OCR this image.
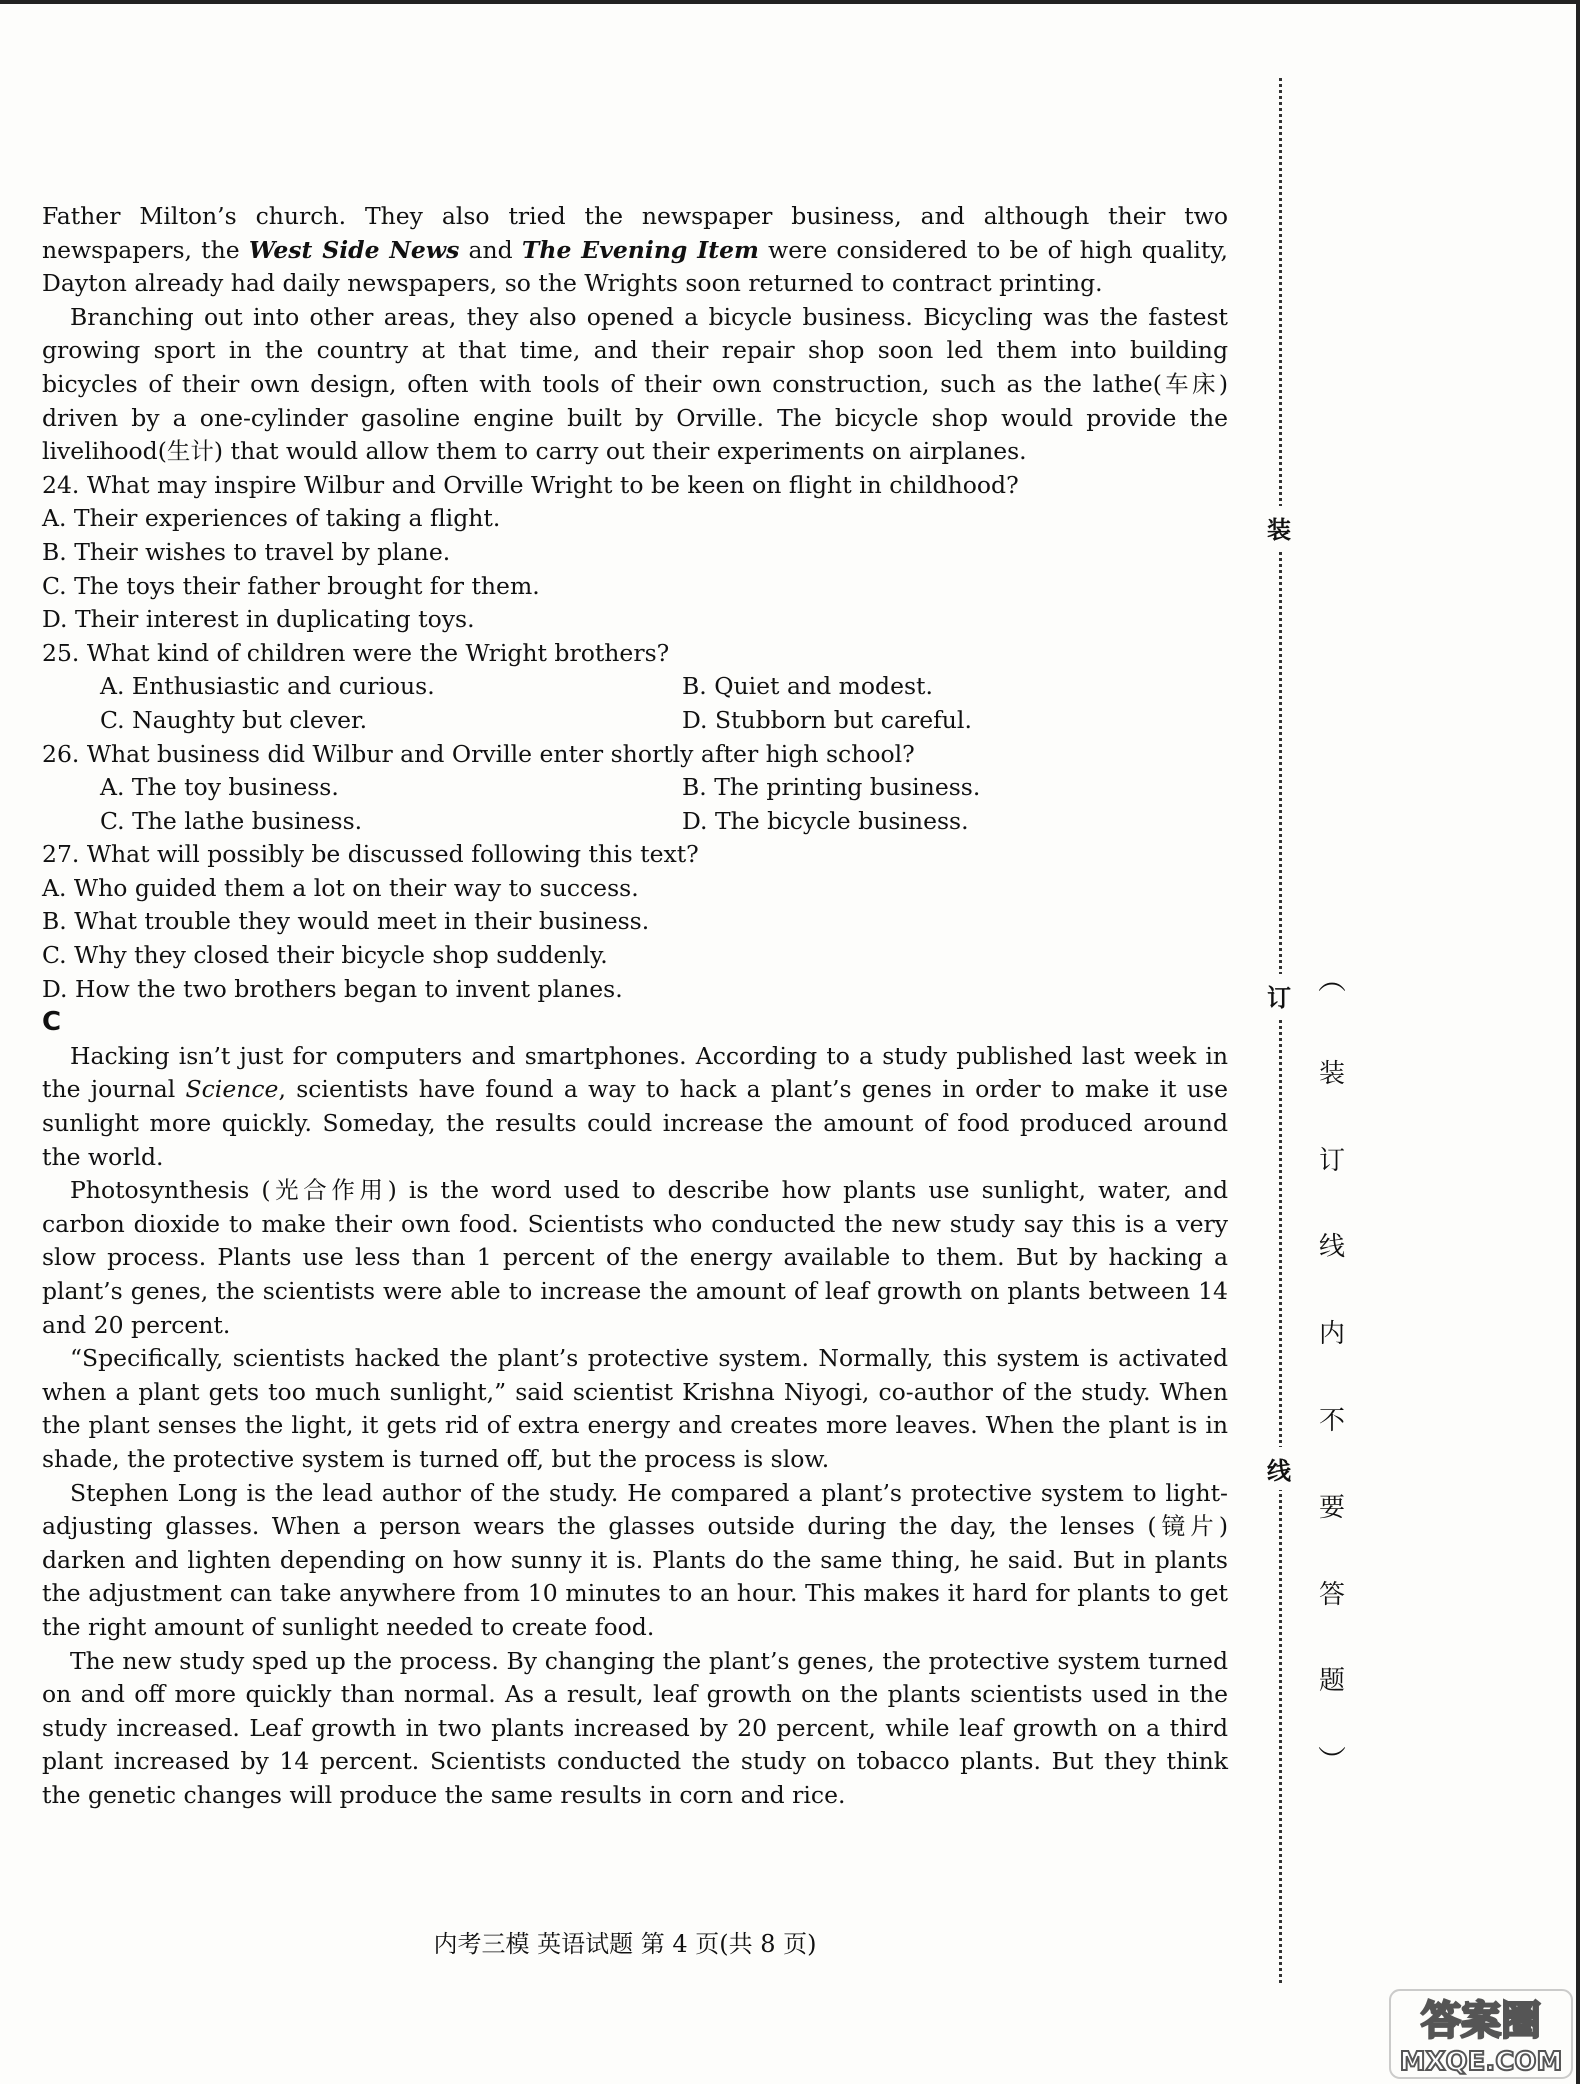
Father Milton’s church. They also tried the newspaper business, and although their two newspapers, the West Side News and The Evening Item were considered to be of high quality, Dayton already had daily newspapers, so the Wrights soon returned to contract printing.

Branching out into other areas, they also opened a bicycle business. Bicycling was the fastest growing sport in the country at that time, and their repair shop soon led them into building bicycles of their own design, often with tools of their own construction, such as the lathe(车床) driven by a one-cylinder gasoline engine built by Orville. The bicycle shop would provide the livelihood(生计) that would allow them to carry out their experiments on airplanes.

24. What may inspire Wilbur and Orville Wright to be keen on flight in childhood?

A. Their experiences of taking a flight.

B. Their wishes to travel by plane.

C. The toys their father brought for them.

D. Their interest in duplicating toys.

25. What kind of children were the Wright brothers?

A. Enthusiastic and curious.	B. Quiet and modest.
C. Naughty but clever.	D. Stubborn but careful.

26. What business did Wilbur and Orville enter shortly after high school?

A. The toy business.	B. The printing business.
C. The lathe business.	D. The bicycle business.

27. What will possibly be discussed following this text?

A. Who guided them a lot on their way to success.

B. What trouble they would meet in their business.

C. Why they closed their bicycle shop suddenly.

D. How the two brothers began to invent planes.

C

Hacking isn’t just for computers and smartphones. According to a study published last week in the journal Science, scientists have found a way to hack a plant’s genes in order to make it use sunlight more quickly. Someday, the results could increase the amount of food produced around the world.

Photosynthesis (光合作用) is the word used to describe how plants use sunlight, water, and carbon dioxide to make their own food. Scientists who conducted the new study say this is a very slow process. Plants use less than 1 percent of the energy available to them. But by hacking a plant’s genes, the scientists were able to increase the amount of leaf growth on plants between 14 and 20 percent.

“Specifically, scientists hacked the plant’s protective system. Normally, this system is activated when a plant gets too much sunlight,” said scientist Krishna Niyogi, co-author of the study. When the plant senses the light, it gets rid of extra energy and creates more leaves. When the plant is in shade, the protective system is turned off, but the process is slow.

Stephen Long is the lead author of the study. He compared a plant’s protective system to light-adjusting glasses. When a person wears the glasses outside during the day, the lenses (镜片) darken and lighten depending on how sunny it is. Plants do the same thing, he said. But in plants the adjustment can take anywhere from 10 minutes to an hour. This makes it hard for plants to get the right amount of sunlight needed to create food.

The new study sped up the process. By changing the plant’s genes, the protective system turned on and off more quickly than normal. As a result, leaf growth on the plants scientists used in the study increased. Leaf growth in two plants increased by 20 percent, while leaf growth on a third plant increased by 14 percent. Scientists conducted the study on tobacco plants. But they think the genetic changes will produce the same results in corn and rice.

内考三模 英语试题 第 4 页(共 8 页)
装
订
线
︵
装
订
线
内
不
要
答
题
︶
答案圈
MXQE.COM
